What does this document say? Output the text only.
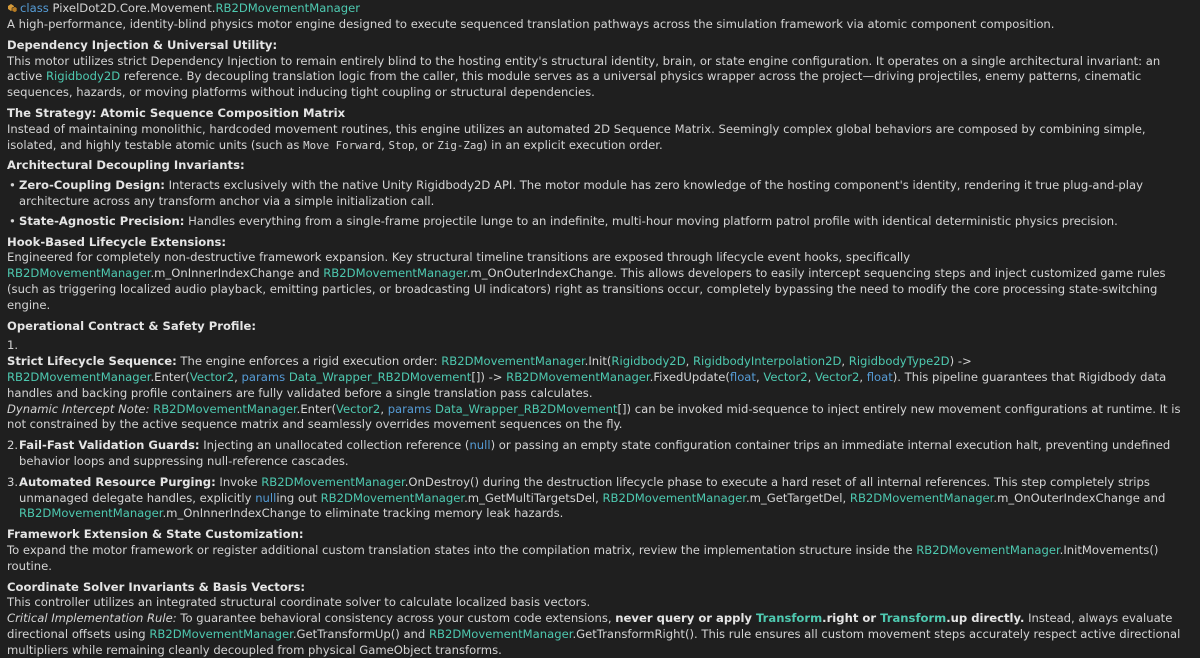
class PixelDot2D.Core.Movement.RB2DMovementManager

A high-performance, identity-blind physics motor engine designed to execute sequenced translation pathways across the simulation framework via atomic component composition.

Dependency Injection & Universal Utility:
This motor utilizes strict Dependency Injection to remain entirely blind to the hosting entity's structural identity, brain, or state engine configuration. It operates on a single architectural invariant: an active Rigidbody2D reference. By decoupling translation logic from the caller, this module serves as a universal physics wrapper across the project—driving projectiles, enemy patterns, cinematic sequences, hazards, or moving platforms without inducing tight coupling or structural dependencies.
The Strategy: Atomic Sequence Composition Matrix
Instead of maintaining monolithic, hardcoded movement routines, this engine utilizes an automated 2D Sequence Matrix. Seemingly complex global behaviors are composed by combining simple, isolated, and highly testable atomic units (such as Move Forward, Stop, or Zig-Zag) in an explicit execution order.
Architectural Decoupling Invariants:
• Zero-Coupling Design: Interacts exclusively with the native Unity Rigidbody2D API. The motor module has zero knowledge of the hosting component's identity, rendering it true plug-and-play architecture across any transform anchor via a simple initialization call.
• State-Agnostic Precision: Handles everything from a single-frame projectile lunge to an indefinite, multi-hour moving platform patrol profile with identical deterministic physics precision.
Hook-Based Lifecycle Extensions:
Engineered for completely non-destructive framework expansion. Key structural timeline transitions are exposed through lifecycle event hooks, specifically RB2DMovementManager.m_OnInnerIndexChange and RB2DMovementManager.m_OnOuterIndexChange. This allows developers to easily intercept sequencing steps and inject customized game rules (such as triggering localized audio playback, emitting particles, or broadcasting UI indicators) right as transitions occur, completely bypassing the need to modify the core processing state-switching engine.
Operational Contract & Safety Profile:
1.
Strict Lifecycle Sequence: The engine enforces a rigid execution order: RB2DMovementManager.Init(Rigidbody2D, RigidbodyInterpolation2D, RigidbodyType2D) -> RB2DMovementManager.Enter(Vector2, params Data_Wrapper_RB2DMovement[]) -> RB2DMovementManager.FixedUpdate(float, Vector2, Vector2, float). This pipeline guarantees that Rigidbody data handles and backing profile containers are fully validated before a single translation pass calculates.
Dynamic Intercept Note: RB2DMovementManager.Enter(Vector2, params Data_Wrapper_RB2DMovement[]) can be invoked mid-sequence to inject entirely new movement configurations at runtime. It is not constrained by the active sequence matrix and seamlessly overrides movement sequences on the fly.
2. Fail-Fast Validation Guards: Injecting an unallocated collection reference (null) or passing an empty state configuration container trips an immediate internal execution halt, preventing undefined behavior loops and suppressing null-reference cascades.
3. Automated Resource Purging: Invoke RB2DMovementManager.OnDestroy() during the destruction lifecycle phase to execute a hard reset of all internal references. This step completely strips unmanaged delegate handles, explicitly nulling out RB2DMovementManager.m_GetMultiTargetsDel, RB2DMovementManager.m_GetTargetDel, RB2DMovementManager.m_OnOuterIndexChange and RB2DMovementManager.m_OnInnerIndexChange to eliminate tracking memory leak hazards.
Framework Extension & State Customization:
To expand the motor framework or register additional custom translation states into the compilation matrix, review the implementation structure inside the RB2DMovementManager.InitMovements() routine.
Coordinate Solver Invariants & Basis Vectors:
This controller utilizes an integrated structural coordinate solver to calculate localized basis vectors.
Critical Implementation Rule: To guarantee behavioral consistency across your custom code extensions, never query or apply Transform.right or Transform.up directly. Instead, always evaluate directional offsets using RB2DMovementManager.GetTransformUp() and RB2DMovementManager.GetTransformRight(). This rule ensures all custom movement steps accurately respect active directional multipliers while remaining cleanly decoupled from physical GameObject transforms.
